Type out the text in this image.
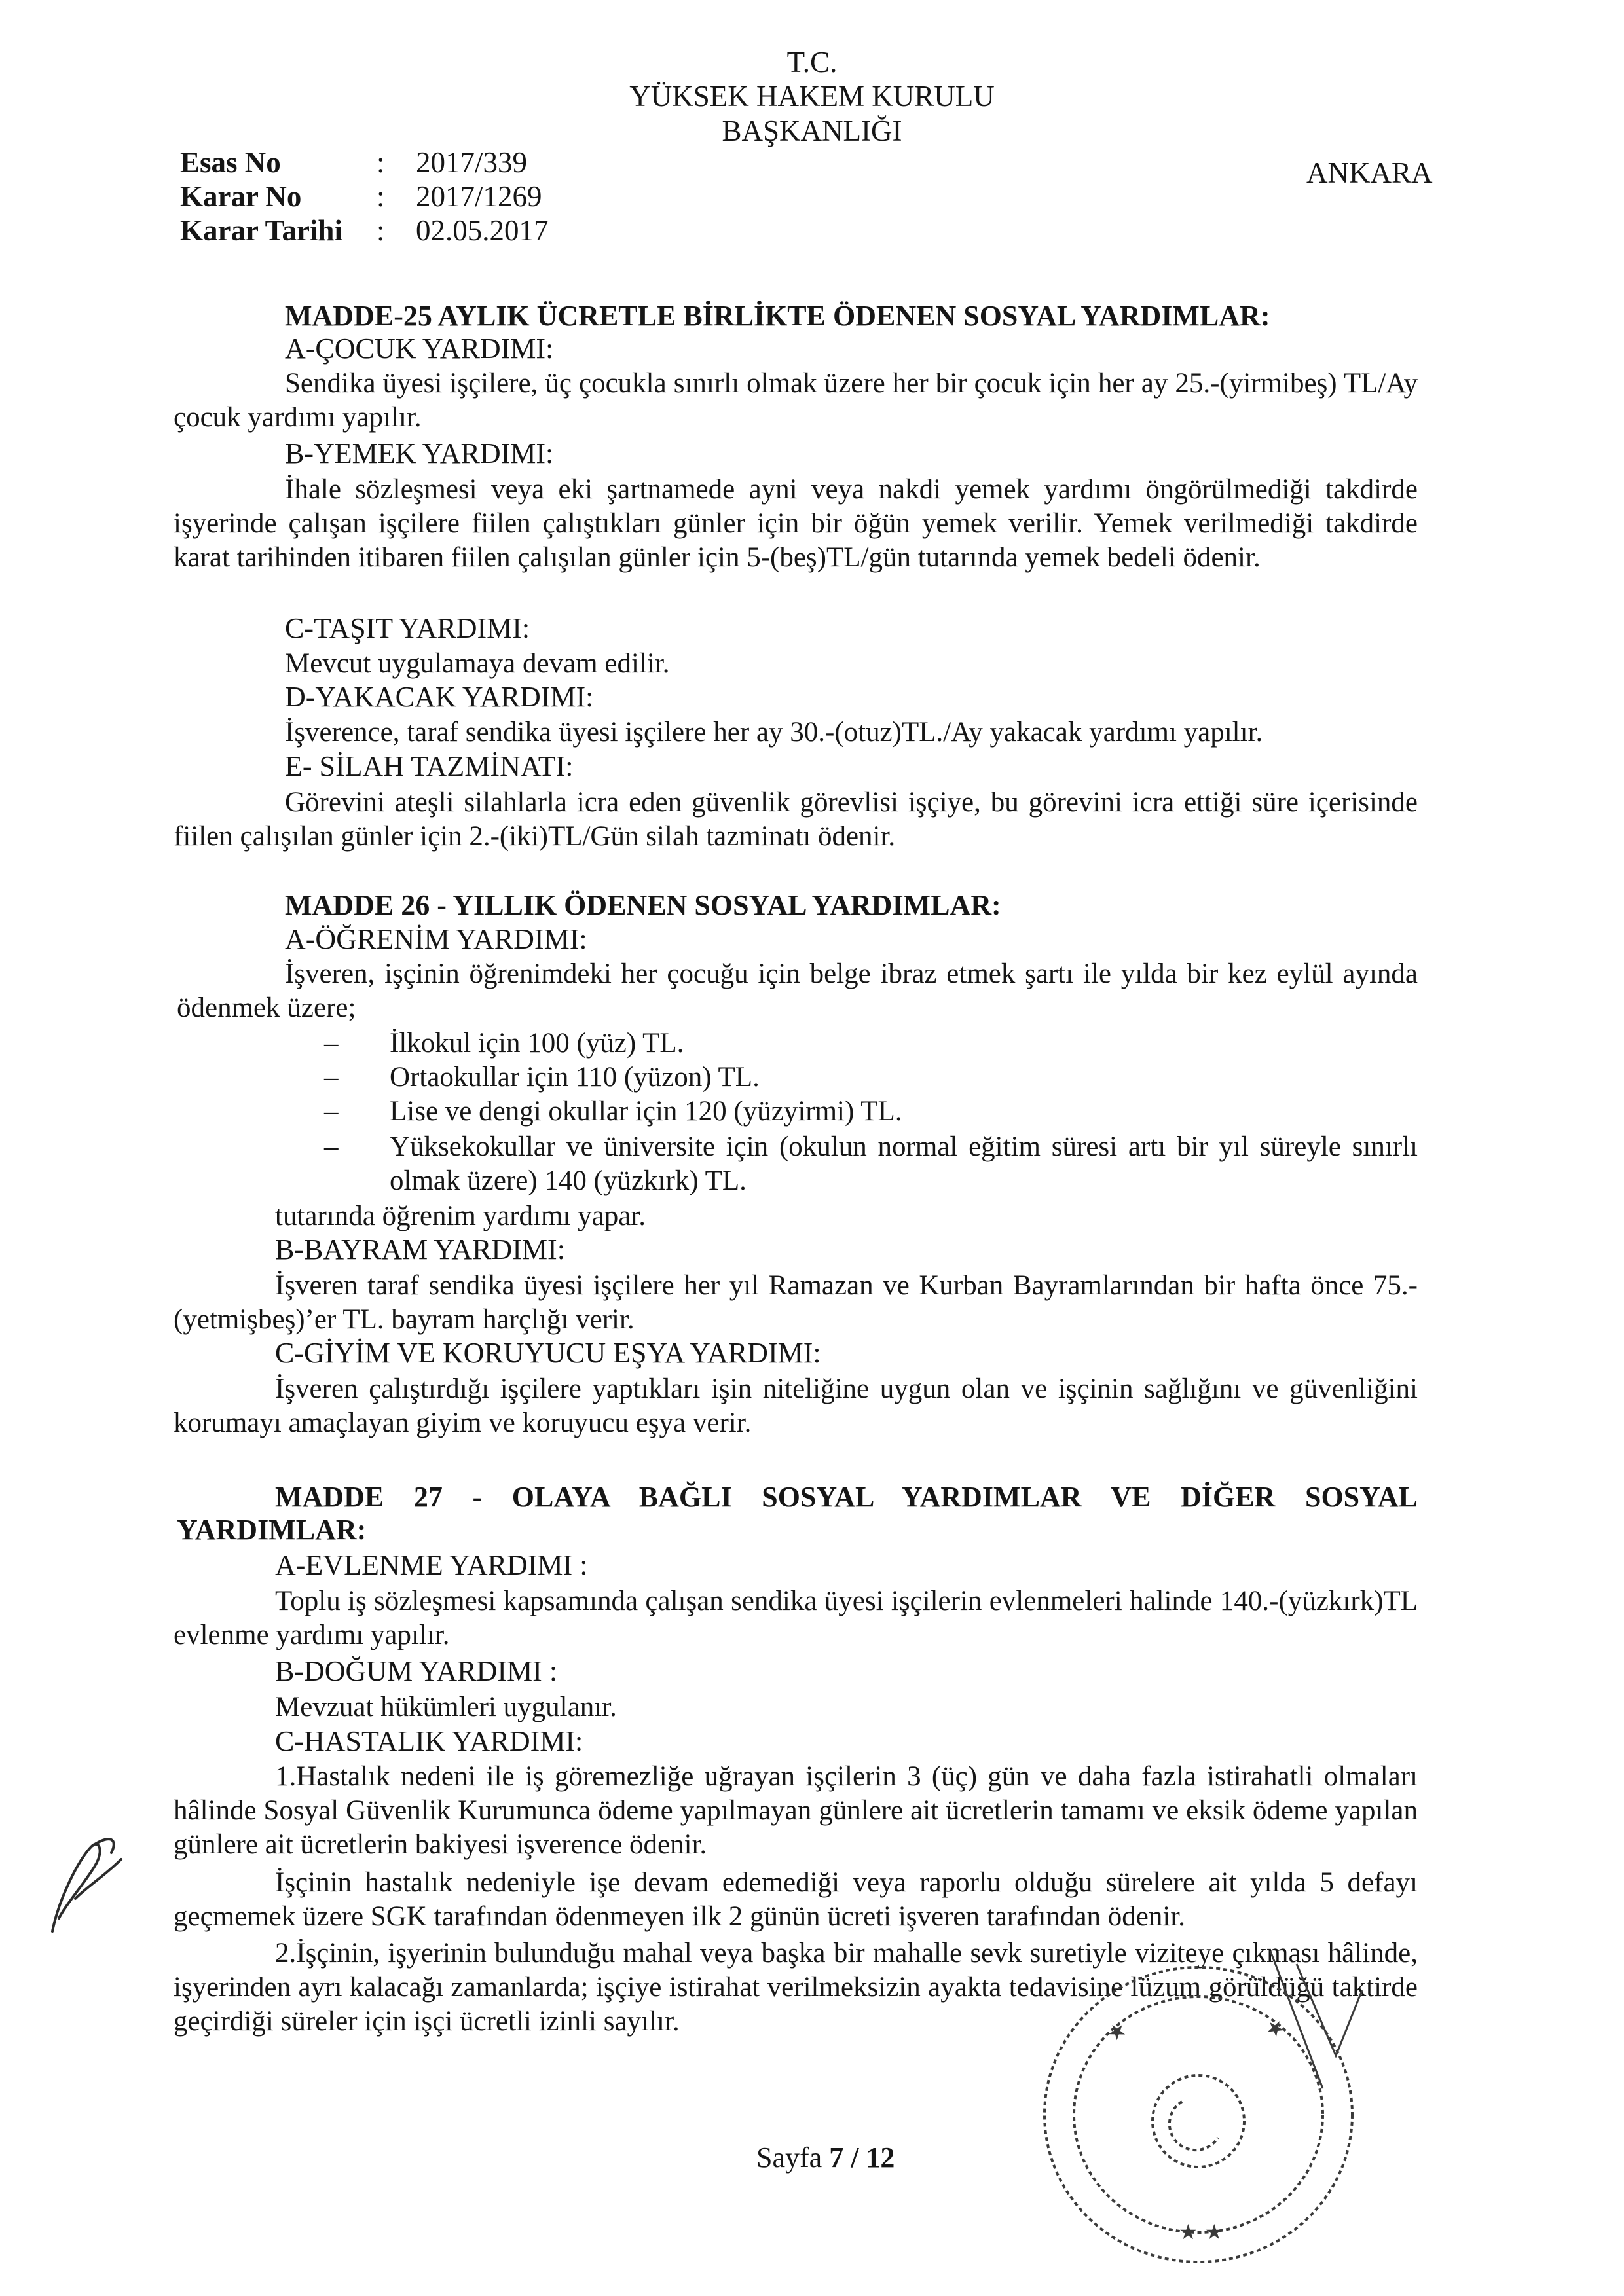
T.C.
YÜKSEK HAKEM KURULU
BAŞKANLIĞI
ANKARA
Esas No	: 2017/339
Karar No	: 2017/1269
Karar Tarihi : 02.05.2017
MADDE-25 AYLIK ÜCRETLE BİRLİKTE ÖDENEN SOSYAL YARDIMLAR:
A-ÇOCUK YARDIMI:
Sendika üyesi işçilere, üç çocukla sınırlı olmak üzere her bir çocuk için her ay 25.-(yirmibeş) TL/Ay çocuk yardımı yapılır.
B-YEMEK YARDIMI:
İhale sözleşmesi veya eki şartnamede ayni veya nakdi yemek yardımı öngörülmediği takdirde işyerinde çalışan işçilere fiilen çalıştıkları günler için bir öğün yemek verilir. Yemek verilmediği takdirde karat tarihinden itibaren fiilen çalışılan günler için 5-(beş)TL/gün tutarında yemek bedeli ödenir.
C-TAŞIT YARDIMI:
Mevcut uygulamaya devam edilir.
D-YAKACAK YARDIMI:
İşverence, taraf sendika üyesi işçilere her ay 30.-(otuz)TL./Ay yakacak yardımı yapılır.
E- SİLAH TAZMİNATI:
Görevini ateşli silahlarla icra eden güvenlik görevlisi işçiye, bu görevini icra ettiği süre içerisinde fiilen çalışılan günler için 2.-(iki)TL/Gün silah tazminatı ödenir.
MADDE 26 - YILLIK ÖDENEN SOSYAL YARDIMLAR:
A-ÖĞRENİM YARDIMI:
İşveren, işçinin öğrenimdeki her çocuğu için belge ibraz etmek şartı ile yılda bir kez eylül ayında ödenmek üzere;
– İlkokul için 100 (yüz) TL.
– Ortaokullar için 110 (yüzon) TL.
– Lise ve dengi okullar için 120 (yüzyirmi) TL.
– Yüksekokullar ve üniversite için (okulun normal eğitim süresi artı bir yıl süreyle sınırlı olmak üzere) 140 (yüzkırk) TL.
tutarında öğrenim yardımı yapar.
B-BAYRAM YARDIMI:
İşveren taraf sendika üyesi işçilere her yıl Ramazan ve Kurban Bayramlarından bir hafta önce 75.-(yetmişbeş)’er TL. bayram harçlığı verir.
C-GİYİM VE KORUYUCU EŞYA YARDIMI:
İşveren çalıştırdığı işçilere yaptıkları işin niteliğine uygun olan ve işçinin sağlığını ve güvenliğini korumayı amaçlayan giyim ve koruyucu eşya verir.
MADDE 27 - OLAYA BAĞLI SOSYAL YARDIMLAR VE DİĞER SOSYAL YARDIMLAR:
A-EVLENME YARDIMI :
Toplu iş sözleşmesi kapsamında çalışan sendika üyesi işçilerin evlenmeleri halinde 140.-(yüzkırk)TL evlenme yardımı yapılır.
B-DOĞUM YARDIMI :
Mevzuat hükümleri uygulanır.
C-HASTALIK YARDIMI:
1.Hastalık nedeni ile iş göremezliğe uğrayan işçilerin 3 (üç) gün ve daha fazla istirahatli olmaları hâlinde Sosyal Güvenlik Kurumunca ödeme yapılmayan günlere ait ücretlerin tamamı ve eksik ödeme yapılan günlere ait ücretlerin bakiyesi işverence ödenir.
İşçinin hastalık nedeniyle işe devam edemediği veya raporlu olduğu sürelere ait yılda 5 defayı geçmemek üzere SGK tarafından ödenmeyen ilk 2 günün ücreti işveren tarafından ödenir.
2.İşçinin, işyerinin bulunduğu mahal veya başka bir mahalle sevk suretiyle viziteye çıkması hâlinde, işyerinden ayrı kalacağı zamanlarda; işçiye istirahat verilmeksizin ayakta tedavisine lüzum görüldüğü taktirde geçirdiği süreler için işçi ücretli izinli sayılır.
Sayfa 7 / 12
★	★
★ ★
